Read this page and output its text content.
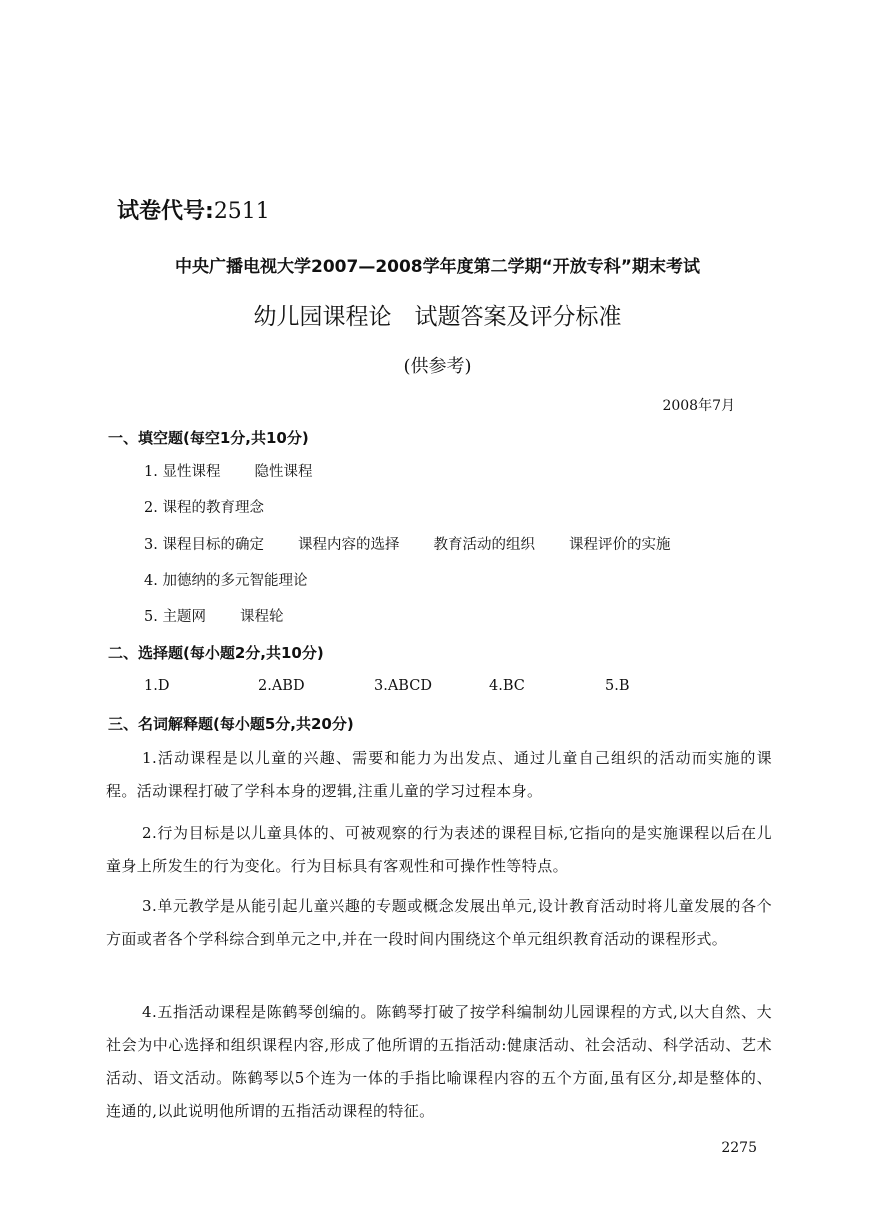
试卷代号:2511
中央广播电视大学2007—2008学年度第二学期“开放专科”期末考试
幼儿园课程论　试题答案及评分标准
(供参考)
2008年7月
一、填空题(每空1分,共10分)
1. 显性课程 隐性课程
2. 课程的教育理念
3. 课程目标的确定 课程内容的选择 教育活动的组织 课程评价的实施
4. 加德纳的多元智能理论
5. 主题网 课程轮
二、选择题(每小题2分,共10分)
1.D	2.ABD	3.ABCD	4.BC	5.B
三、名词解释题(每小题5分,共20分)
1.活动课程是以儿童的兴趣、需要和能力为出发点、通过儿童自己组织的活动而实施的课程。活动课程打破了学科本身的逻辑,注重儿童的学习过程本身。
2.行为目标是以儿童具体的、可被观察的行为表述的课程目标,它指向的是实施课程以后在儿童身上所发生的行为变化。行为目标具有客观性和可操作性等特点。
3.单元教学是从能引起儿童兴趣的专题或概念发展出单元,设计教育活动时将儿童发展的各个方面或者各个学科综合到单元之中,并在一段时间内围绕这个单元组织教育活动的课程形式。
4.五指活动课程是陈鹤琴创编的。陈鹤琴打破了按学科编制幼儿园课程的方式,以大自然、大社会为中心选择和组织课程内容,形成了他所谓的五指活动:健康活动、社会活动、科学活动、艺术活动、语文活动。陈鹤琴以5个连为一体的手指比喻课程内容的五个方面,虽有区分,却是整体的、连通的,以此说明他所谓的五指活动课程的特征。
2275
